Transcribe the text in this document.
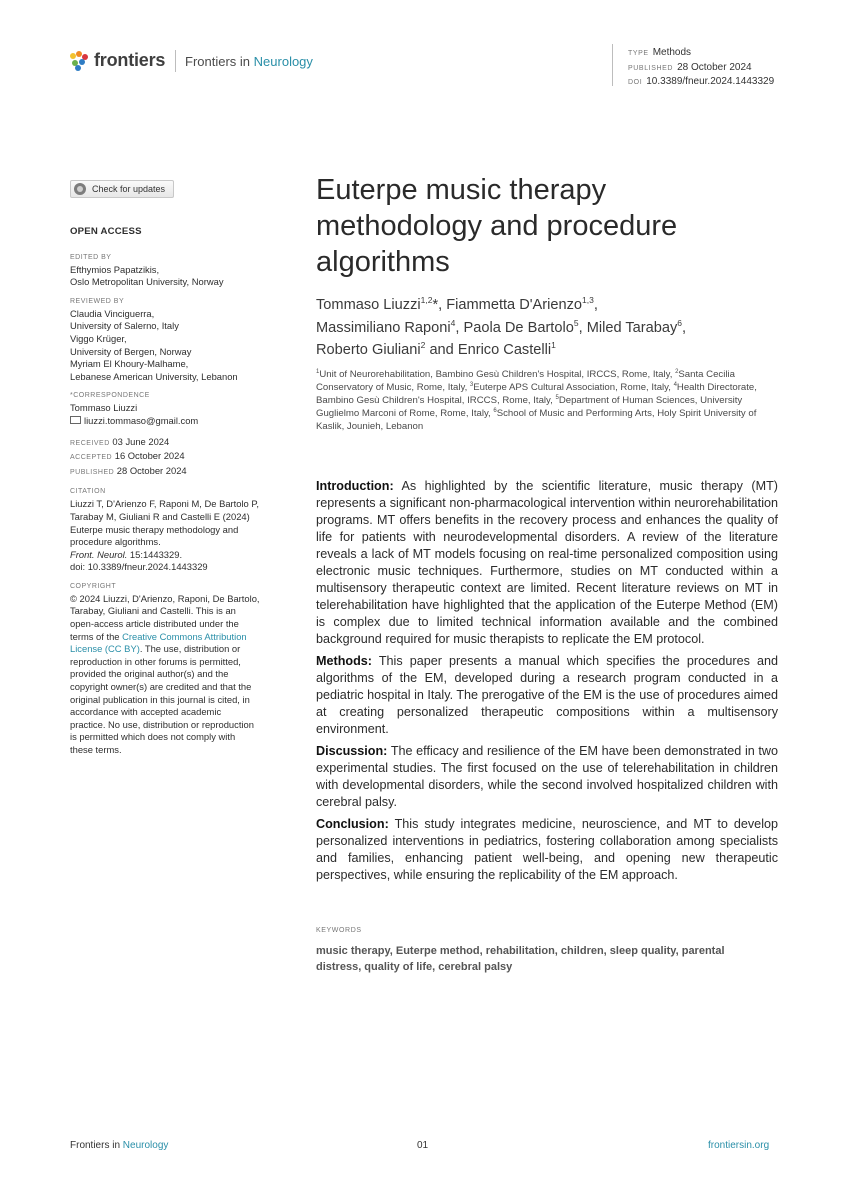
frontiers Frontiers in Neurology
TYPE Methods
PUBLISHED 28 October 2024
DOI 10.3389/fneur.2024.1443329
Check for updates
OPEN ACCESS
EDITED BY
Efthymios Papatzikis,
Oslo Metropolitan University, Norway
REVIEWED BY
Claudia Vinciguerra,
University of Salerno, Italy
Viggo Krüger,
University of Bergen, Norway
Myriam El Khoury-Malhame,
Lebanese American University, Lebanon
*CORRESPONDENCE
Tommaso Liuzzi
liuzzi.tommaso@gmail.com
RECEIVED 03 June 2024
ACCEPTED 16 October 2024
PUBLISHED 28 October 2024
CITATION
Liuzzi T, D'Arienzo F, Raponi M, De Bartolo P,
Tarabay M, Giuliani R and Castelli E (2024)
Euterpe music therapy methodology and
procedure algorithms.
Front. Neurol. 15:1443329.
doi: 10.3389/fneur.2024.1443329
COPYRIGHT
© 2024 Liuzzi, D'Arienzo, Raponi, De Bartolo,
Tarabay, Giuliani and Castelli. This is an
open-access article distributed under the
terms of the Creative Commons Attribution
License (CC BY). The use, distribution or
reproduction in other forums is permitted,
provided the original author(s) and the
copyright owner(s) are credited and that the
original publication in this journal is cited, in
accordance with accepted academic
practice. No use, distribution or reproduction
is permitted which does not comply with
these terms.
Euterpe music therapy methodology and procedure algorithms
Tommaso Liuzzi$^{1,2}$*, Fiammetta D'Arienzo$^{1,3}$,
Massimiliano Raponi$^4$, Paola De Bartolo$^5$, Miled Tarabay$^6$,
Roberto Giuliani$^2$ and Enrico Castelli$^1$
$^1$Unit of Neurorehabilitation, Bambino Gesù Children's Hospital, IRCCS, Rome, Italy, $^2$Santa Cecilia Conservatory of Music, Rome, Italy, $^3$Euterpe APS Cultural Association, Rome, Italy, $^4$Health Directorate, Bambino Gesù Children's Hospital, IRCCS, Rome, Italy, $^5$Department of Human Sciences, University Guglielmo Marconi of Rome, Rome, Italy, $^6$School of Music and Performing Arts, Holy Spirit University of Kaslik, Jounieh, Lebanon

Introduction: As highlighted by the scientific literature, music therapy (MT) represents a significant non-pharmacological intervention within neurorehabilitation programs. MT offers benefits in the recovery process and enhances the quality of life for patients with neurodevelopmental disorders. A review of the literature reveals a lack of MT models focusing on real-time personalized composition using electronic music techniques. Furthermore, studies on MT conducted within a multisensory therapeutic context are limited. Recent literature reviews on MT in telerehabilitation have highlighted that the application of the Euterpe Method (EM) is complex due to limited technical information available and the combined background required for music therapists to replicate the EM protocol.

Methods: This paper presents a manual which specifies the procedures and algorithms of the EM, developed during a research program conducted in a pediatric hospital in Italy. The prerogative of the EM is the use of procedures aimed at creating personalized therapeutic compositions within a multisensory environment.

Discussion: The efficacy and resilience of the EM have been demonstrated in two experimental studies. The first focused on the use of telerehabilitation in children with developmental disorders, while the second involved hospitalized children with cerebral palsy.

Conclusion: This study integrates medicine, neuroscience, and MT to develop personalized interventions in pediatrics, fostering collaboration among specialists and families, enhancing patient well-being, and opening new therapeutic perspectives, while ensuring the replicability of the EM approach.

KEYWORDS
music therapy, Euterpe method, rehabilitation, children, sleep quality, parental distress, quality of life, cerebral palsy
Frontiers in Neurology	01	frontiersin.org
